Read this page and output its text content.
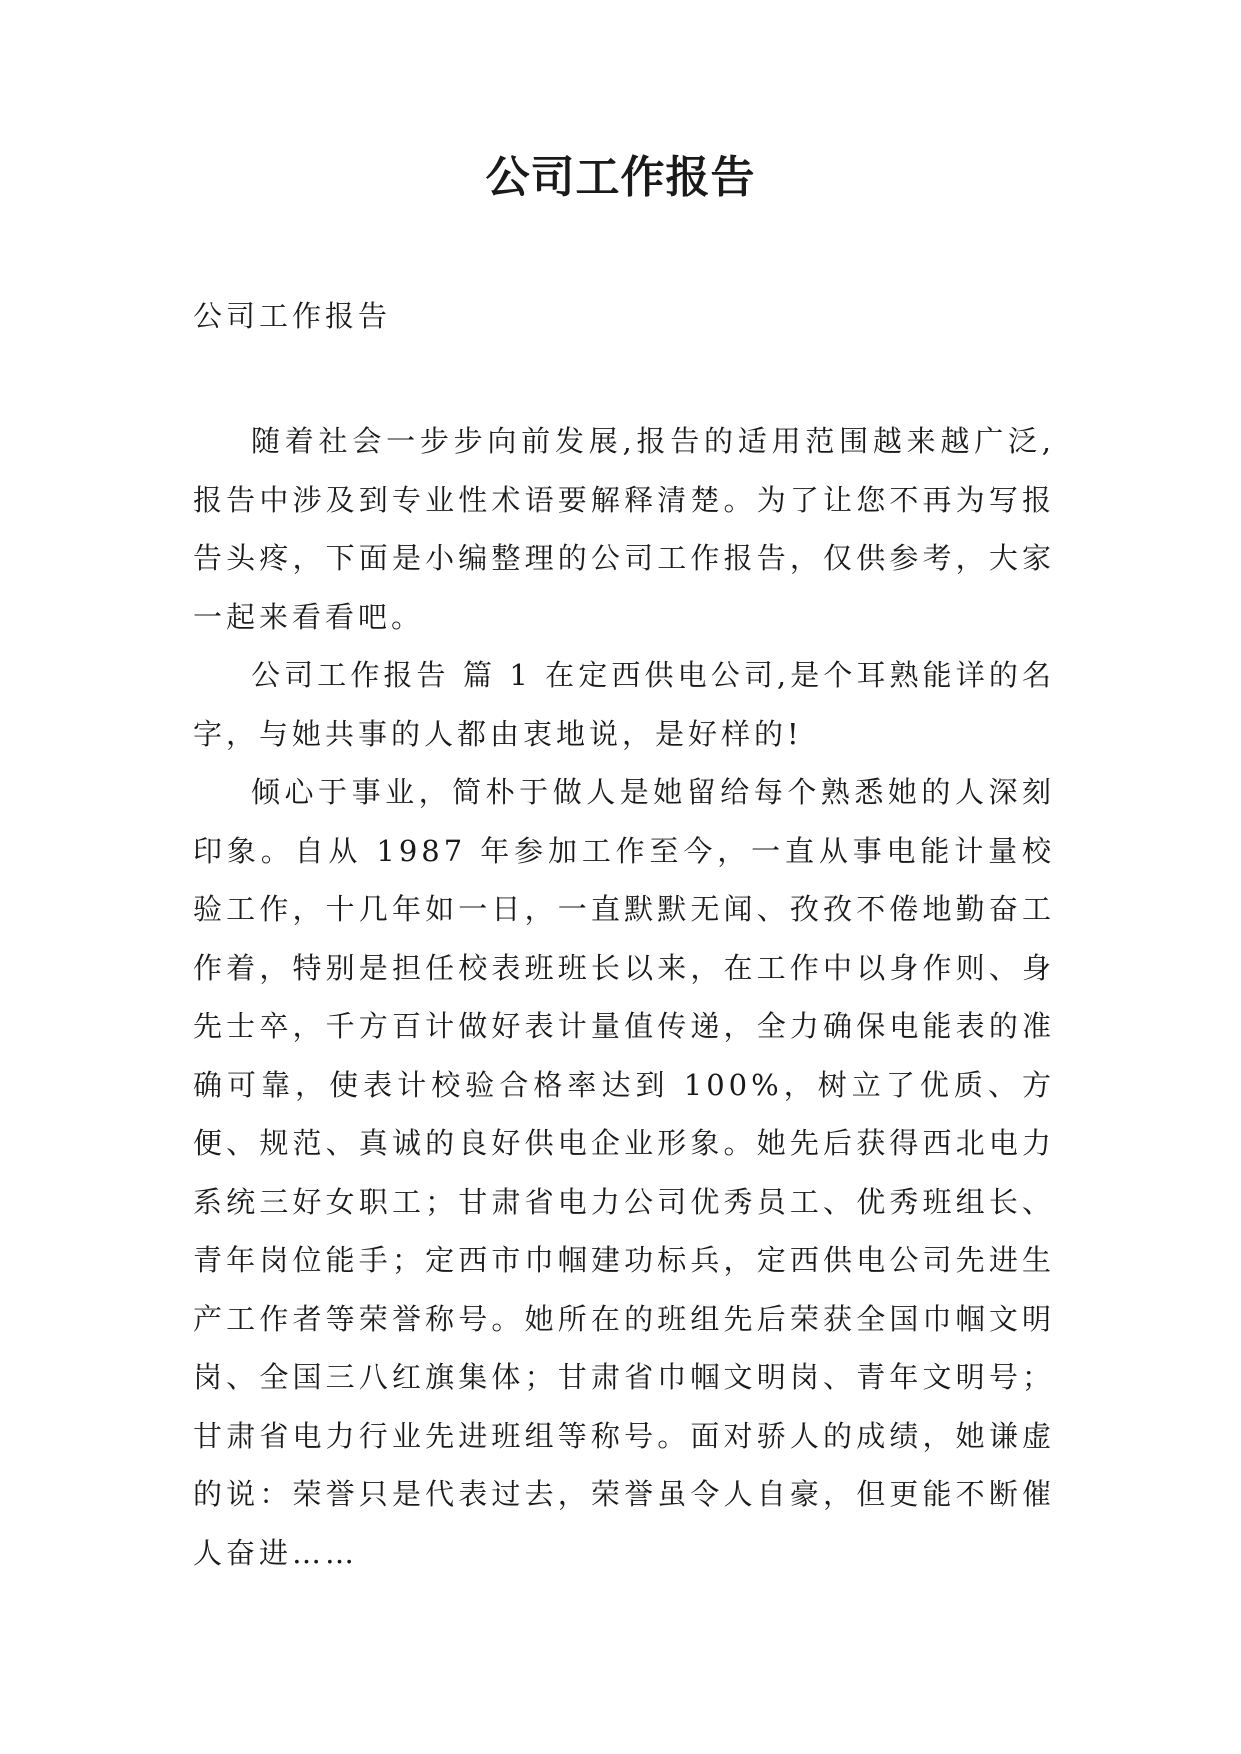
公司工作报告
公司工作报告

随着社会一步步向前发展,报告的适用范围越来越广泛,报告中涉及到专业性术语要解释清楚。为了让您不再为写报告头疼，下面是小编整理的公司工作报告，仅供参考，大家一起来看看吧。

公司工作报告 篇 1 在定西供电公司,是个耳熟能详的名字，与她共事的人都由衷地说，是好样的!

倾心于事业，简朴于做人是她留给每个熟悉她的人深刻印象。自从 1987 年参加工作至今，一直从事电能计量校验工作，十几年如一日，一直默默无闻、孜孜不倦地勤奋工作着，特别是担任校表班班长以来，在工作中以身作则、身先士卒，千方百计做好表计量值传递，全力确保电能表的准确可靠，使表计校验合格率达到 100%，树立了优质、方便、规范、真诚的良好供电企业形象。她先后获得西北电力系统三好女职工；甘肃省电力公司优秀员工、优秀班组长、青年岗位能手；定西市巾帼建功标兵，定西供电公司先进生产工作者等荣誉称号。她所在的班组先后荣获全国巾帼文明岗、全国三八红旗集体；甘肃省巾帼文明岗、青年文明号；甘肃省电力行业先进班组等称号。面对骄人的成绩，她谦虚的说：荣誉只是代表过去，荣誉虽令人自豪，但更能不断催人奋进……
